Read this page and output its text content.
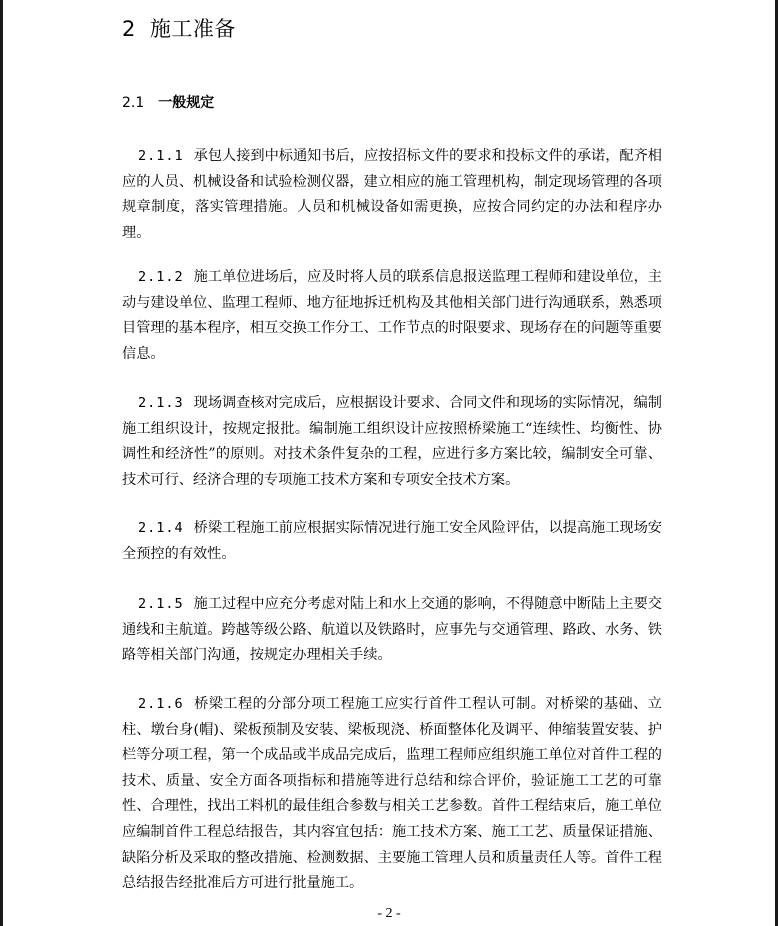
2 施工准备
2.1 一般规定
2.1.1 承包人接到中标通知书后，应按招标文件的要求和投标文件的承诺，配齐相应的人员、机械设备和试验检测仪器，建立相应的施工管理机构，制定现场管理的各项规章制度，落实管理措施。人员和机械设备如需更换，应按合同约定的办法和程序办理。
2.1.2 施工单位进场后，应及时将人员的联系信息报送监理工程师和建设单位，主动与建设单位、监理工程师、地方征地拆迁机构及其他相关部门进行沟通联系，熟悉项目管理的基本程序，相互交换工作分工、工作节点的时限要求、现场存在的问题等重要信息。
2.1.3 现场调查核对完成后，应根据设计要求、合同文件和现场的实际情况，编制施工组织设计，按规定报批。编制施工组织设计应按照桥梁施工“连续性、均衡性、协调性和经济性”的原则。对技术条件复杂的工程，应进行多方案比较，编制安全可靠、技术可行、经济合理的专项施工技术方案和专项安全技术方案。
2.1.4 桥梁工程施工前应根据实际情况进行施工安全风险评估，以提高施工现场安全预控的有效性。
2.1.5 施工过程中应充分考虑对陆上和水上交通的影响，不得随意中断陆上主要交通线和主航道。跨越等级公路、航道以及铁路时，应事先与交通管理、路政、水务、铁路等相关部门沟通，按规定办理相关手续。
2.1.6 桥梁工程的分部分项工程施工应实行首件工程认可制。对桥梁的基础、立柱、墩台身(帽)、梁板预制及安装、梁板现浇、桥面整体化及调平、伸缩装置安装、护栏等分项工程，第一个成品或半成品完成后，监理工程师应组织施工单位对首件工程的技术、质量、安全方面各项指标和措施等进行总结和综合评价，验证施工工艺的可靠性、合理性，找出工料机的最佳组合参数与相关工艺参数。首件工程结束后，施工单位应编制首件工程总结报告，其内容宜包括：施工技术方案、施工工艺、质量保证措施、缺陷分析及采取的整改措施、检测数据、主要施工管理人员和质量责任人等。首件工程总结报告经批准后方可进行批量施工。
- 2 -
